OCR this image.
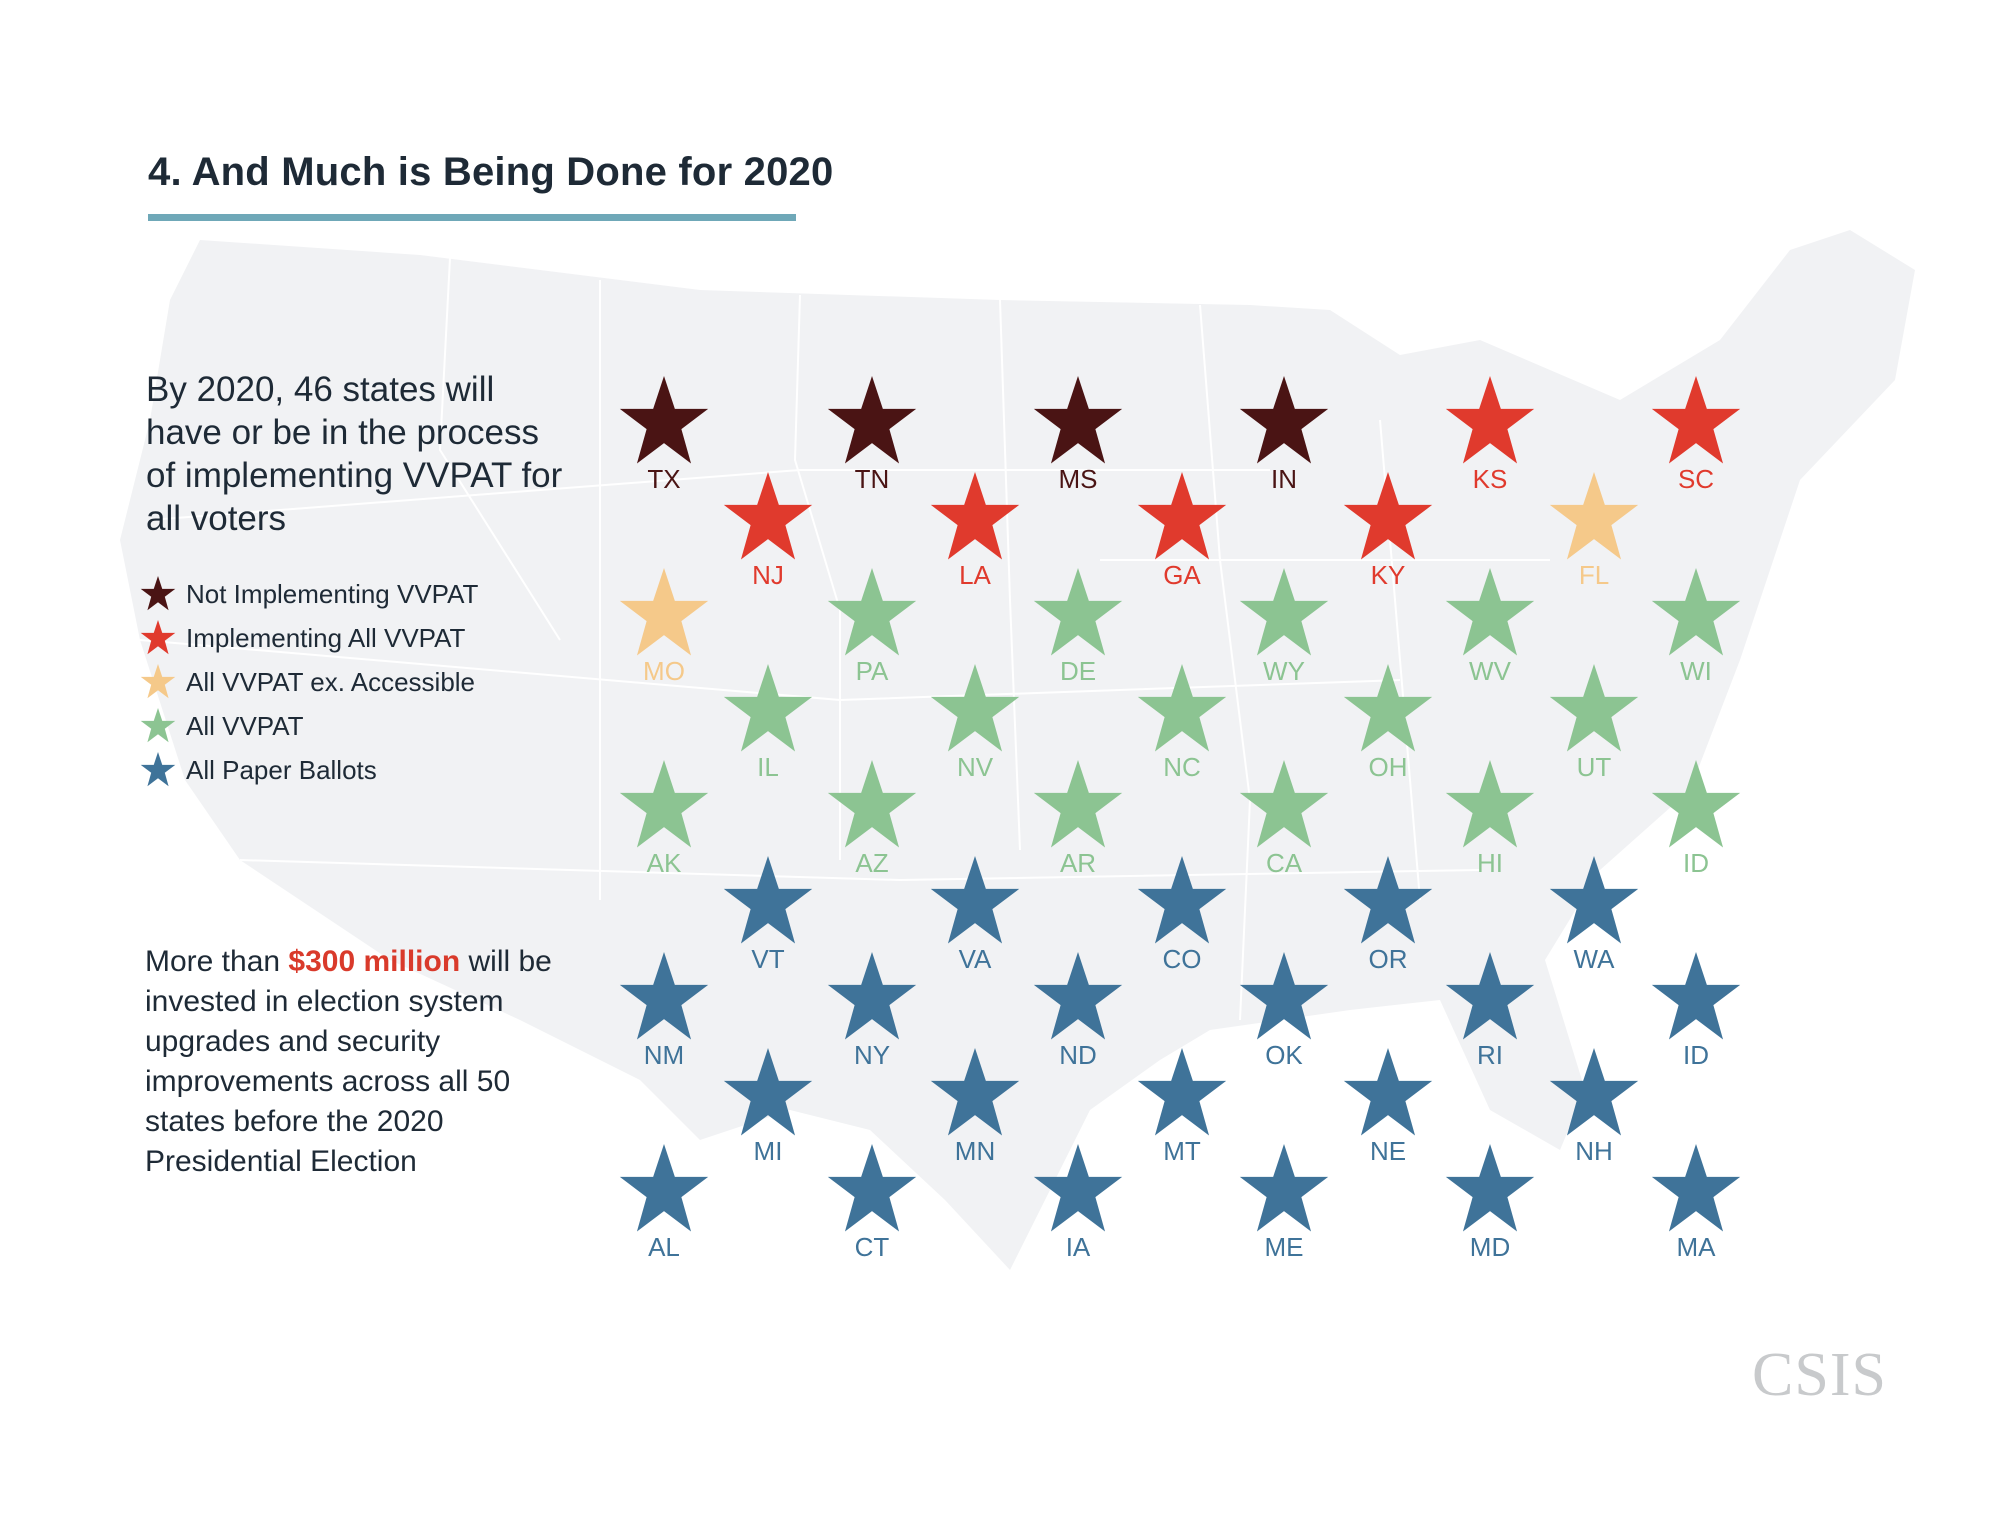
4. And Much is Being Done for 2020
By 2020, 46 states will have or be in the process of implementing VVPAT for all voters
Not Implementing VVPAT
Implementing All VVPAT
All VVPAT ex. Accessible
All VVPAT
All Paper Ballots
More than $300 million will be invested in election system upgrades and security improvements across all 50 states before the 2020 Presidential Election
TX	TN	MS	IN	KS	SC
NJ	LA	GA	KY	FL
MO	PA	DE	WY	WV	WI
IL	NV	NC	OH	UT
AK	AZ	AR	CA	HI	ID
VT	VA	CO	OR	WA
NM	NY	ND	OK	RI	ID
MI	MN	MT	NE	NH
AL	CT	IA	ME	MD	MA
CSIS
